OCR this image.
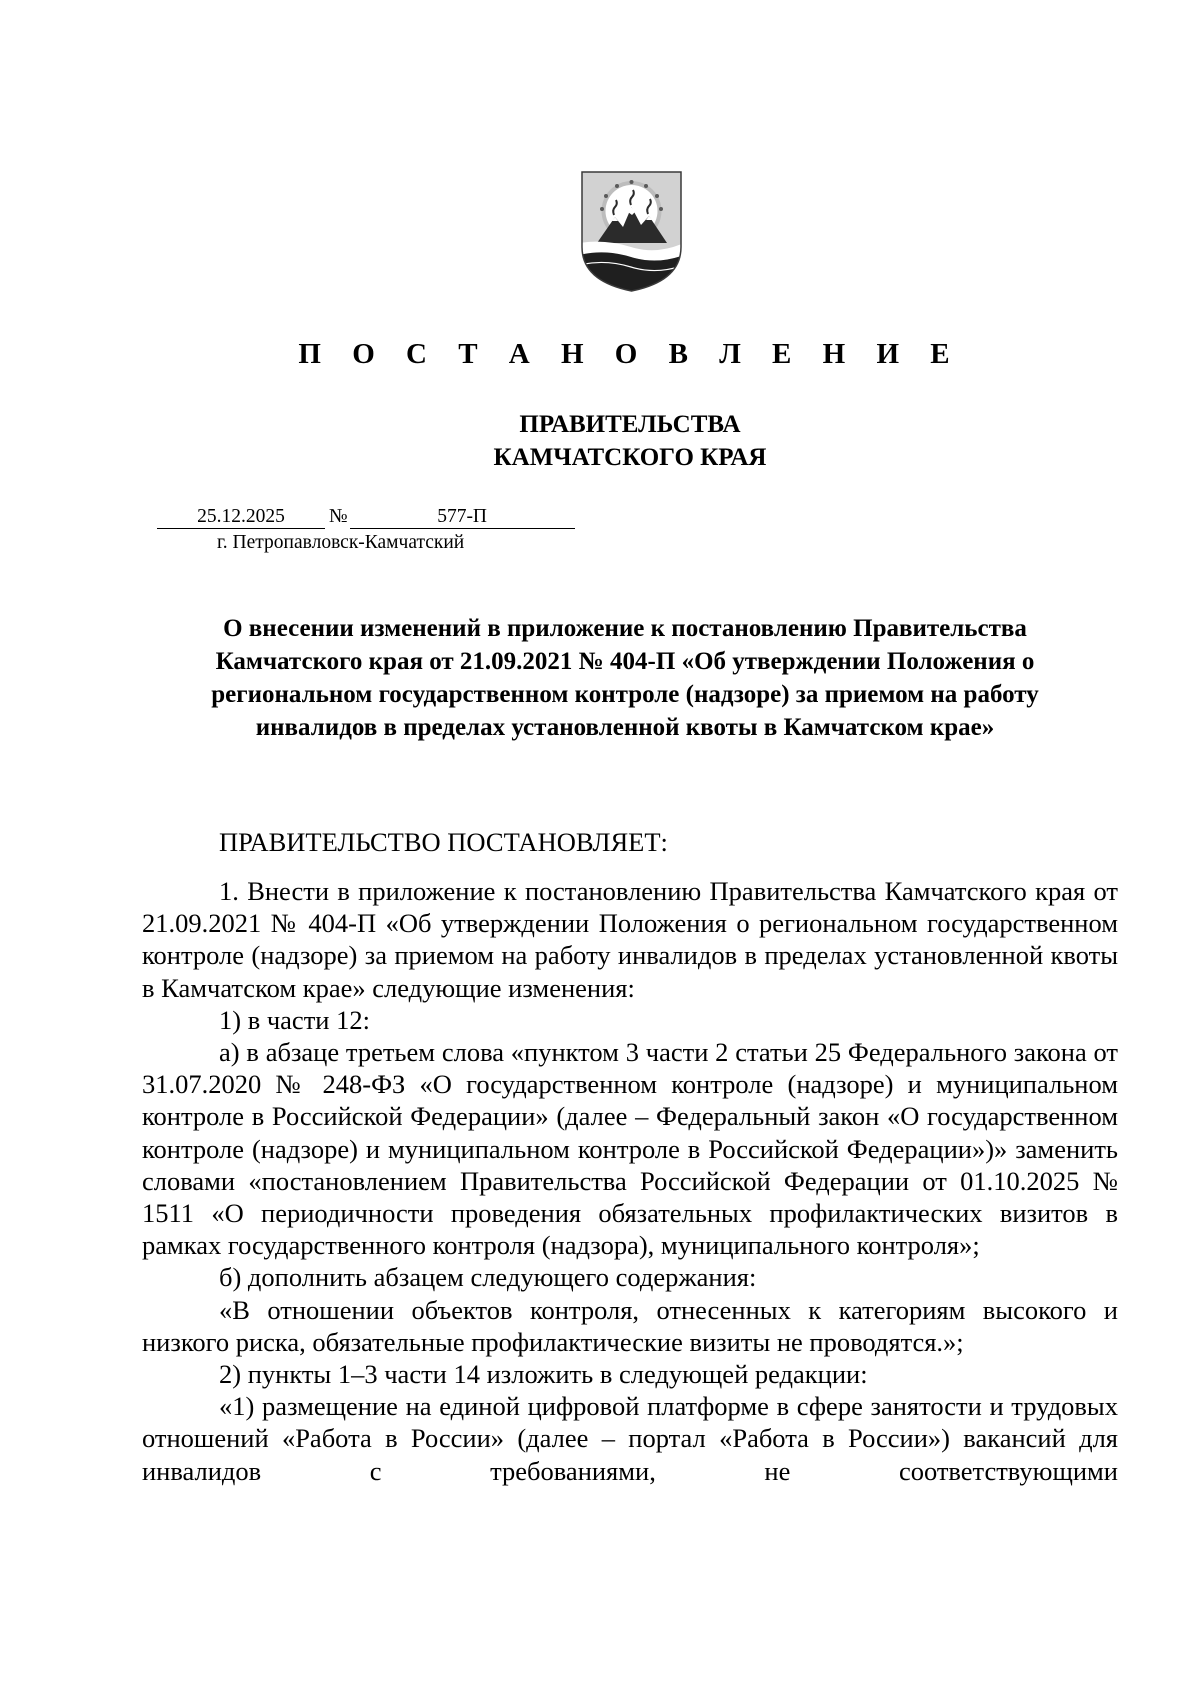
П О С Т А Н О В Л Е Н И Е
ПРАВИТЕЛЬСТВА
КАМЧАТСКОГО КРАЯ
25.12.2025 №	577-П
г. Петропавловск-Камчатский
О внесении изменений в приложение к постановлению Правительства
Камчатского края от 21.09.2021 № 404-П «Об утверждении Положения о
региональном государственном контроле (надзоре) за приемом на работу
инвалидов в пределах установленной квоты в Камчатском крае»
ПРАВИТЕЛЬСТВО ПОСТАНОВЛЯЕТ:

1. Внести в приложение к постановлению Правительства Камчатского края от 21.09.2021 № 404-П «Об утверждении Положения о региональном государственном контроле (надзоре) за приемом на работу инвалидов в пределах установленной квоты в Камчатском крае» следующие изменения:

1) в части 12:

а) в абзаце третьем слова «пунктом 3 части 2 статьи 25 Федерального закона от 31.07.2020 № 248-ФЗ «О государственном контроле (надзоре) и муниципальном контроле в Российской Федерации» (далее – Федеральный закон «О государственном контроле (надзоре) и муниципальном контроле в Российской Федерации»)» заменить словами «постановлением Правительства Российской Федерации от 01.10.2025 № 1511 «О периодичности проведения обязательных профилактических визитов в рамках государственного контроля (надзора), муниципального контроля»;

б) дополнить абзацем следующего содержания:

«В отношении объектов контроля, отнесенных к категориям высокого и низкого риска, обязательные профилактические визиты не проводятся.»;

2) пункты 1–3 части 14 изложить в следующей редакции:

«1) размещение на единой цифровой платформе в сфере занятости и трудовых отношений «Работа в России» (далее – портал «Работа в России») вакансий для инвалидов с требованиями, не соответствующими
